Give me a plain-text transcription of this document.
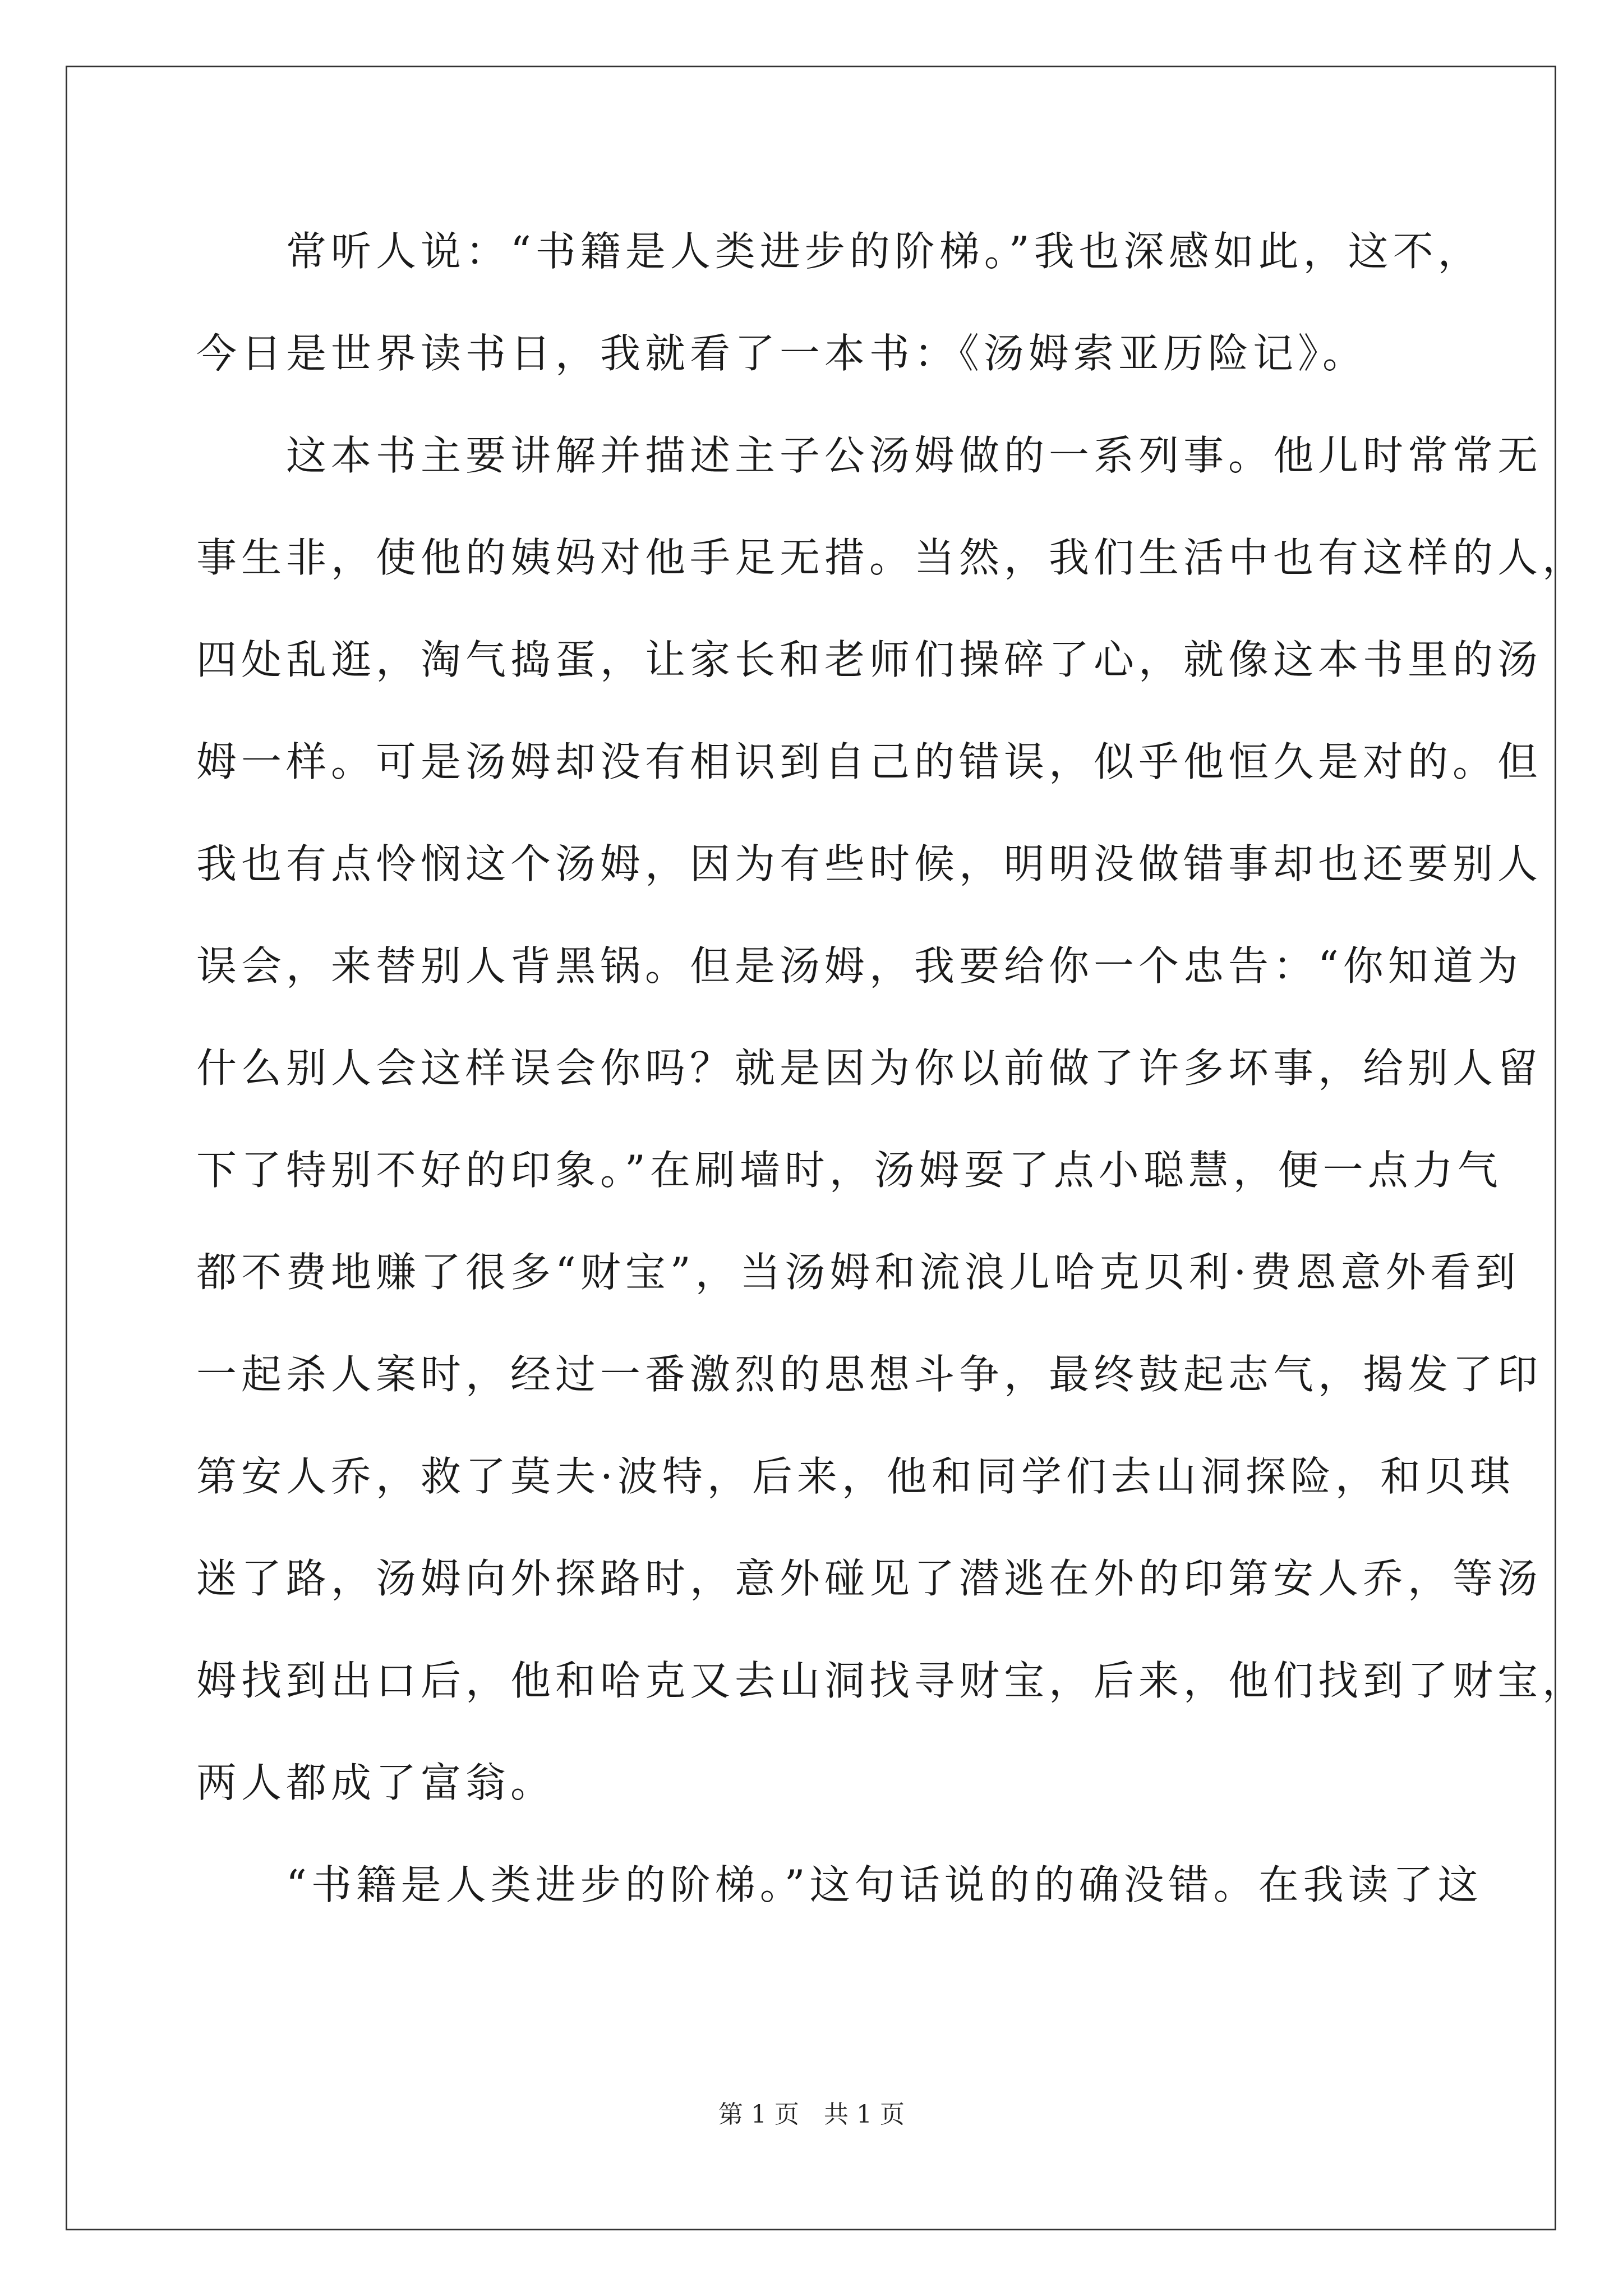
　　常听人说：“书籍是人类进步的阶梯。”我也深感如此，这不，
今日是世界读书日，我就看了一本书：《汤姆索亚历险记》。
　　这本书主要讲解并描述主子公汤姆做的一系列事。他儿时常常无
事生非，使他的姨妈对他手足无措。当然，我们生活中也有这样的人，
四处乱逛，淘气捣蛋，让家长和老师们操碎了心，就像这本书里的汤
姆一样。可是汤姆却没有相识到自己的错误，似乎他恒久是对的。但
我也有点怜悯这个汤姆，因为有些时候，明明没做错事却也还要别人
误会，来替别人背黑锅。但是汤姆，我要给你一个忠告：“你知道为
什么别人会这样误会你吗？就是因为你以前做了许多坏事，给别人留
下了特别不好的印象。”在刷墙时，汤姆耍了点小聪慧，便一点力气
都不费地赚了很多“财宝”，当汤姆和流浪儿哈克贝利·费恩意外看到
一起杀人案时，经过一番激烈的思想斗争，最终鼓起志气，揭发了印
第安人乔，救了莫夫·波特，后来，他和同学们去山洞探险，和贝琪
迷了路，汤姆向外探路时，意外碰见了潜逃在外的印第安人乔，等汤
姆找到出口后，他和哈克又去山洞找寻财宝，后来，他们找到了财宝，
两人都成了富翁。
　　“书籍是人类进步的阶梯。”这句话说的的确没错。在我读了这
第 1 页　共 1 页
